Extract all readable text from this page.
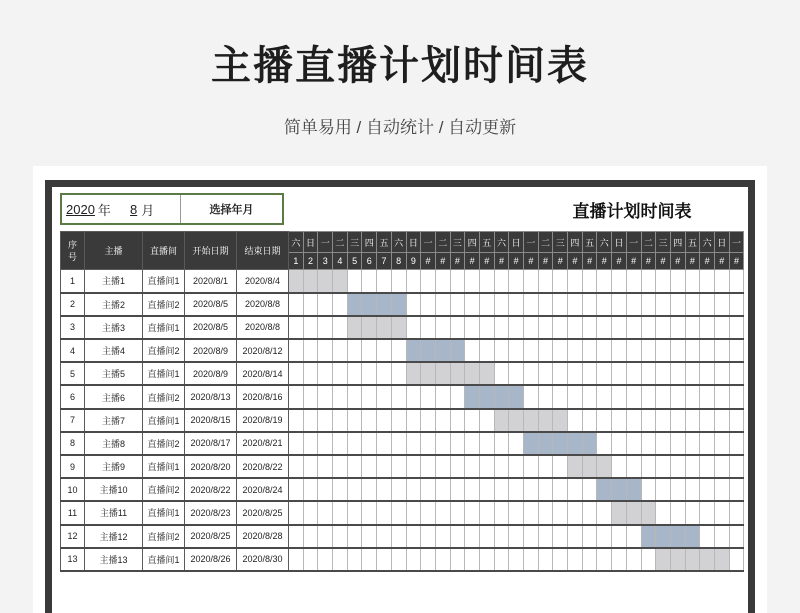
主播直播计划时间表
简单易用 / 自动统计 / 自动更新
2020 年 8 月	选择年月	直播计划时间表
序号	主播	直播间	开始日期	结束日期	六	日	一	二	三	四	五	六	日	一	二	三	四	五	六	日	一	二	三	四	五	六	日	一	二	三	四	五	六	日	一
					1	2	3	4	5	6	7	8	9	#	#	#	#	#	#	#	#	#	#	#	#	#	#	#	#	#	#	#	#	#	#
1	主播1	直播间1	2020/8/1	2020/8/4																															
2	主播2	直播间2	2020/8/5	2020/8/8																															
3	主播3	直播间1	2020/8/5	2020/8/8																															
4	主播4	直播间2	2020/8/9	2020/8/12																															
5	主播5	直播间1	2020/8/9	2020/8/14																															
6	主播6	直播间2	2020/8/13	2020/8/16																															
7	主播7	直播间1	2020/8/15	2020/8/19																															
8	主播8	直播间2	2020/8/17	2020/8/21																															
9	主播9	直播间1	2020/8/20	2020/8/22																															
10	主播10	直播间2	2020/8/22	2020/8/24																															
11	主播11	直播间1	2020/8/23	2020/8/25																															
12	主播12	直播间2	2020/8/25	2020/8/28																															
13	主播13	直播间1	2020/8/26	2020/8/30																															
